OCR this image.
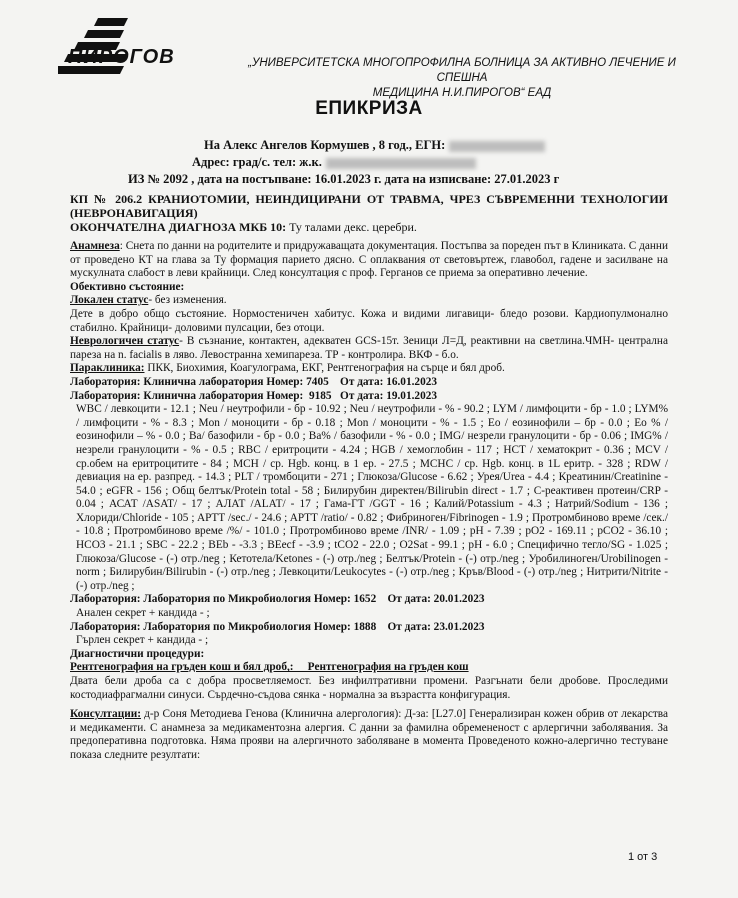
ПИРОГОВ	„УНИВЕРСИТЕТСКА МНОГОПРОФИЛНА БОЛНИЦА ЗА АКТИВНО ЛЕЧЕНИЕ И СПЕШНА
МЕДИЦИНА Н.И.ПИРОГОВ“ ЕАД
ЕПИКРИЗА
На Алекс Ангелов Кормушев , 8 год., ЕГН:
Адрес: град/с. тел: ж.к.
ИЗ № 2092 , дата на постъпване: 16.01.2023 г. дата на изписване: 27.01.2023 г

КП № 206.2 КРАНИОТОМИИ, НЕИНДИЦИРАНИ ОТ ТРАВМА, ЧРЕЗ СЪВРЕМЕННИ ТЕХНОЛОГИИ (НЕВРОНАВИГАЦИЯ)

ОКОНЧАТЕЛНА ДИАГНОЗА МКБ 10: Ту талами декс. церебри.

Анамнеза: Снета по данни на родителите и придружаващата документация. Постъпва за пореден път в Клиниката. С данни от проведено КТ на глава за Ту формация парието дясно. С оплаквания от световъртеж, главобол, гадене и засилване на мускулната слабост в леви крайници. След консултация с проф. Герганов се приема за оперативно лечение.

Обективно състояние:

Локален статус- без изменения.

Дете в добро общо състояние. Нормостеничен хабитус. Кожа и видими лигавици- бледо розови. Кардиопулмонално стабилно. Крайници- доловими пулсации, без отоци.

Неврологичен статус- В съзнание, контактен, адекватен GCS-15т. Зеници Л=Д, реактивни на светлина.ЧМН- централна пареза на n. facialis в ляво. Левостранна хемипареза. ТР - контролира. ВКФ - б.о.

Параклиника: ПКК, Биохимия, Коагулограма, ЕКГ, Рентгенография на сърце и бял дроб.

Лаборатория: Клинична лаборатория Номер: 7405    От дата: 16.01.2023

Лаборатория: Клинична лаборатория Номер:  9185   От дата: 19.01.2023

WBC / левкоцити - 12.1 ; Neu / неутрофили - бр - 10.92 ; Neu / неутрофили - % - 90.2 ; LYM / лимфоцити - бр - 1.0 ; LYM% / лимфоцити - % - 8.3 ; Mon / моноцити - бр - 0.18 ; Mon / моноцити - % - 1.5 ; Eo / еозинофили – бр - 0.0 ; Eo % / еозинофили – % - 0.0 ; Ba/ базофили - бр - 0.0 ; Ba% / базофили - % - 0.0 ; IMG/ незрели гранулоцити - бр - 0.06 ; IMG% / незрели гранулоцити - % - 0.5 ; RBC / еритроцити - 4.24 ; HGB / хемоглобин - 117 ; HCT / хематокрит - 0.36 ; MCV / ср.обем на еритроцитите - 84 ; MCH / ср. Hgb. конц. в 1 ер. - 27.5 ; MCHC / ср. Hgb. конц. в 1L еритр. - 328 ; RDW / девиация на ер. разпред. - 14.3 ; PLT / тромбоцити - 271 ; Глюкоза/Glucose - 6.62 ; Урея/Urea - 4.4 ; Креатинин/Creatinine - 54.0 ; eGFR - 156 ; Общ белтък/Protein total - 58 ; Билирубин директен/Bilirubin direct - 1.7 ; С-реактивен протеин/CRP - 0.04 ; АСАТ /ASAT/ - 17 ; АЛАТ /ALAT/ - 17 ; Гама-ГТ /GGT - 16 ; Калий/Potassium - 4.3 ; Натрий/Sodium - 136 ; Хлориди/Chloride - 105 ; APTT /sec./ - 24.6 ; APTT /ratio/ - 0.82 ; Фибриноген/Fibrinogen - 1.9 ; Протромбиново време /сек./ - 10.8 ; Протромбиново време /%/ - 101.0 ; Протромбиново време /INR/ - 1.09 ; pH - 7.39 ; pO2 - 169.11 ; pCO2 - 36.10 ; HCO3 - 21.1 ; SBC - 22.2 ; BEb - -3.3 ; BEecf - -3.9 ; tCO2 - 22.0 ; O2Sat - 99.1 ; pH - 6.0 ; Специфично тегло/SG - 1.025 ; Глюкоза/Glucose - (-) отр./neg ; Кетотела/Ketones - (-) отр./neg ; Белтък/Protein - (-) отр./neg ; Уробилиноген/Urobilinogen - norm ; Билирубин/Bilirubin - (-) отр./neg ; Левкоцити/Leukocytes - (-) отр./neg ; Кръв/Blood - (-) отр./neg ; Нитрити/Nitrite - (-) отр./neg ;

Лаборатория: Лаборатория по Микробиология Номер: 1652    От дата: 20.01.2023

Анален секрет + кандида - ;

Лаборатория: Лаборатория по Микробиология Номер: 1888    От дата: 23.01.2023

Гърлен секрет + кандида - ;

Диагностични процедури:

Рентгенография на гръден кош и бял дроб,:     Рентгенография на гръден кош

Двата бели дроба са с добра просветляемост. Без инфилтративни промени. Разгънати бели дробове. Проследими костодиафрагмални синуси. Сърдечно-съдова сянка - нормална за възрастта конфигурация.

Консултации: д-р Соня Методиева Генова (Клинична алергология): Д-за: [L27.0] Генерализиран кожен обрив от лекарства и медикаменти. С анамнеза за медикаментозна алергия. С данни за фамилна обремененост с арлергични заболявания. За предоперативна подготовка. Няма прояви на алергичното заболяване в момента Проведеното кожно-алергично тестуване показа следните резултати:

1 от 3
